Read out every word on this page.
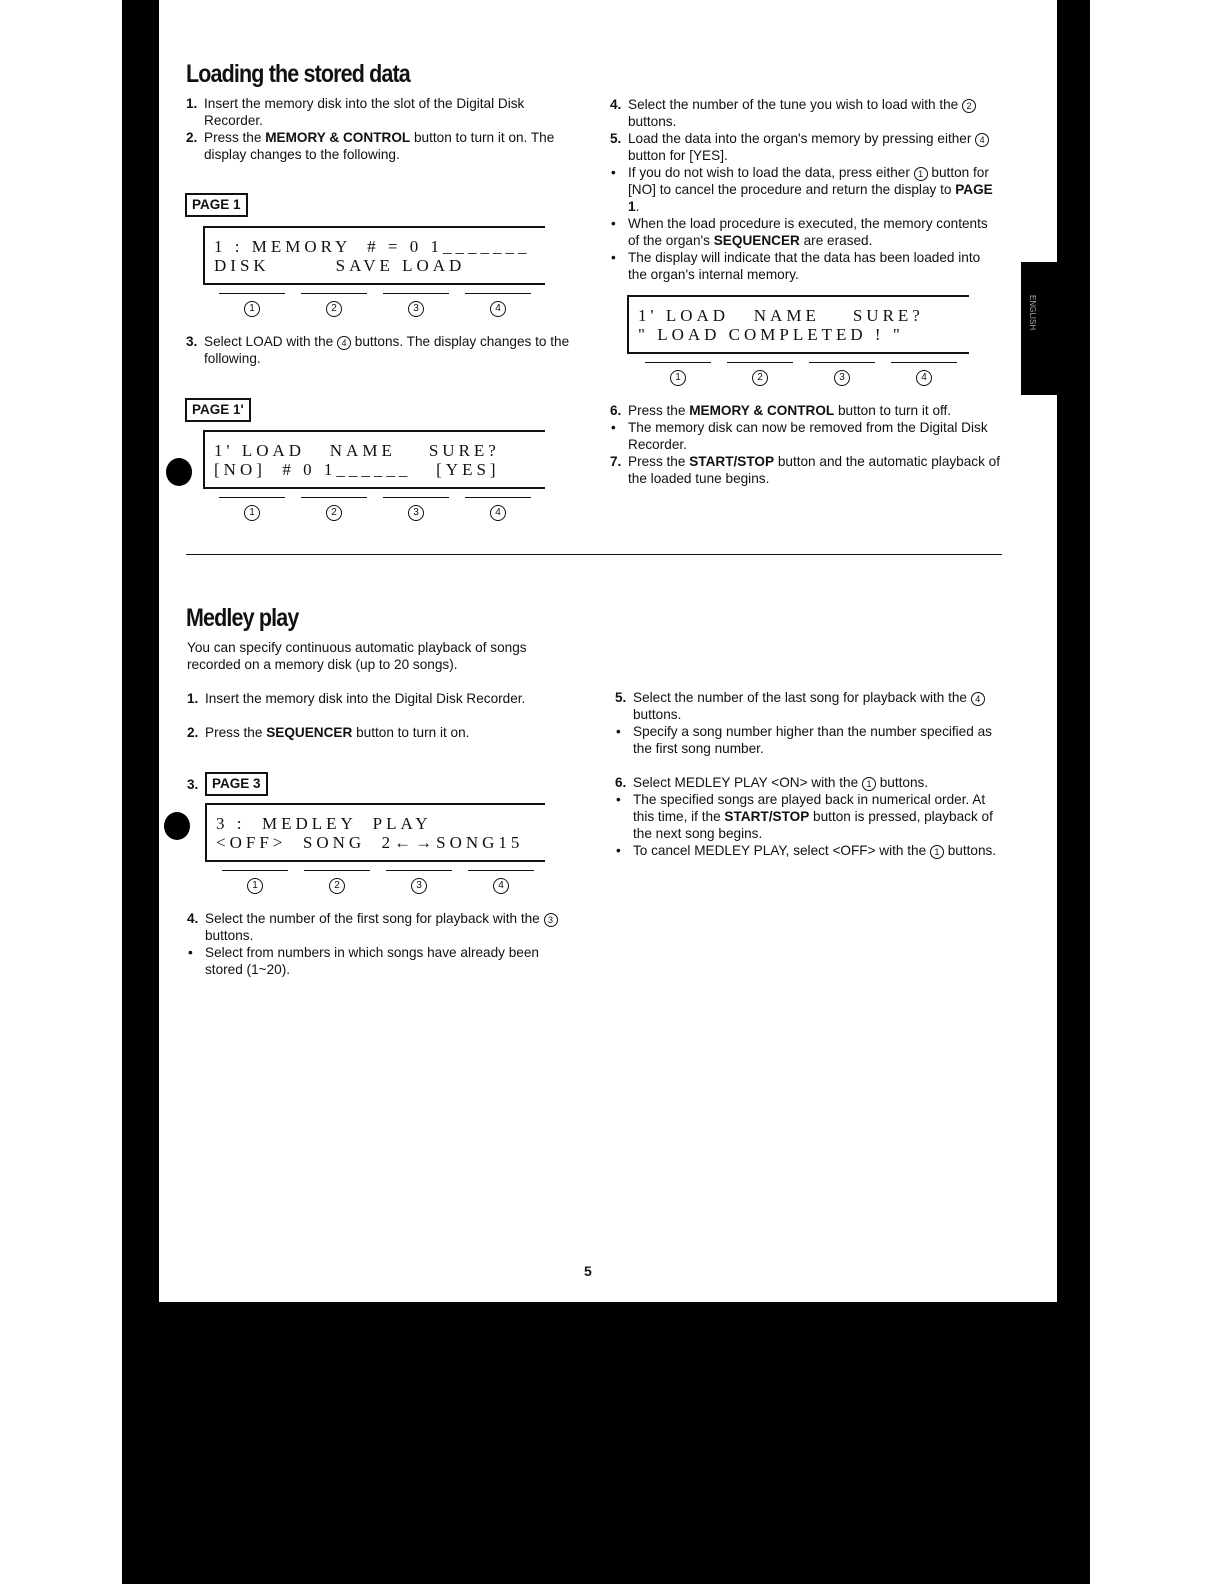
ENGLISH
Loading the stored data
1. Insert the memory disk into the slot of the Digital Disk Recorder.
2. Press the MEMORY & CONTROL button to turn it on. The display changes to the following.
PAGE 1
1 : MEMORY  # = 0 1_______
DISK        SAVE LOAD
1	2	3	4
3. Select LOAD with the 4 buttons. The display changes to the following.
PAGE 1'
1' LOAD   NAME    SURE?
[NO]  # 0 1______   [YES]
1	2	3	4
4. Select the number of the tune you wish to load with the 2 buttons.
5. Load the data into the organ's memory by pressing either 4 button for [YES].
• If you do not wish to load the data, press either 1 button for [NO] to cancel the procedure and return the display to PAGE 1.
• When the load procedure is executed, the memory contents of the organ's SEQUENCER are erased.
• The display will indicate that the data has been loaded into the organ's internal memory.
1' LOAD   NAME    SURE?
" LOAD COMPLETED ! "
1	2	3	4
6. Press the MEMORY & CONTROL button to turn it off.
• The memory disk can now be removed from the Digital Disk Recorder.
7. Press the START/STOP button and the automatic playback of the loaded tune begins.
Medley play
You can specify continuous automatic playback of songs recorded on a memory disk (up to 20 songs).
1. Insert the memory disk into the Digital Disk Recorder.
2. Press the SEQUENCER button to turn it on.
3.	PAGE 3
3 :  MEDLEY  PLAY
<OFF>  SONG  2←→SONG15
1	2	3	4
4. Select the number of the first song for playback with the 3 buttons.
• Select from numbers in which songs have already been stored (1~20).
5. Select the number of the last song for playback with the 4 buttons.
• Specify a song number higher than the number specified as the first song number.
6. Select MEDLEY PLAY <ON> with the 1 buttons.
• The specified songs are played back in numerical order. At this time, if the START/STOP button is pressed, playback of the next song begins.
• To cancel MEDLEY PLAY, select <OFF> with the 1 buttons.
5
